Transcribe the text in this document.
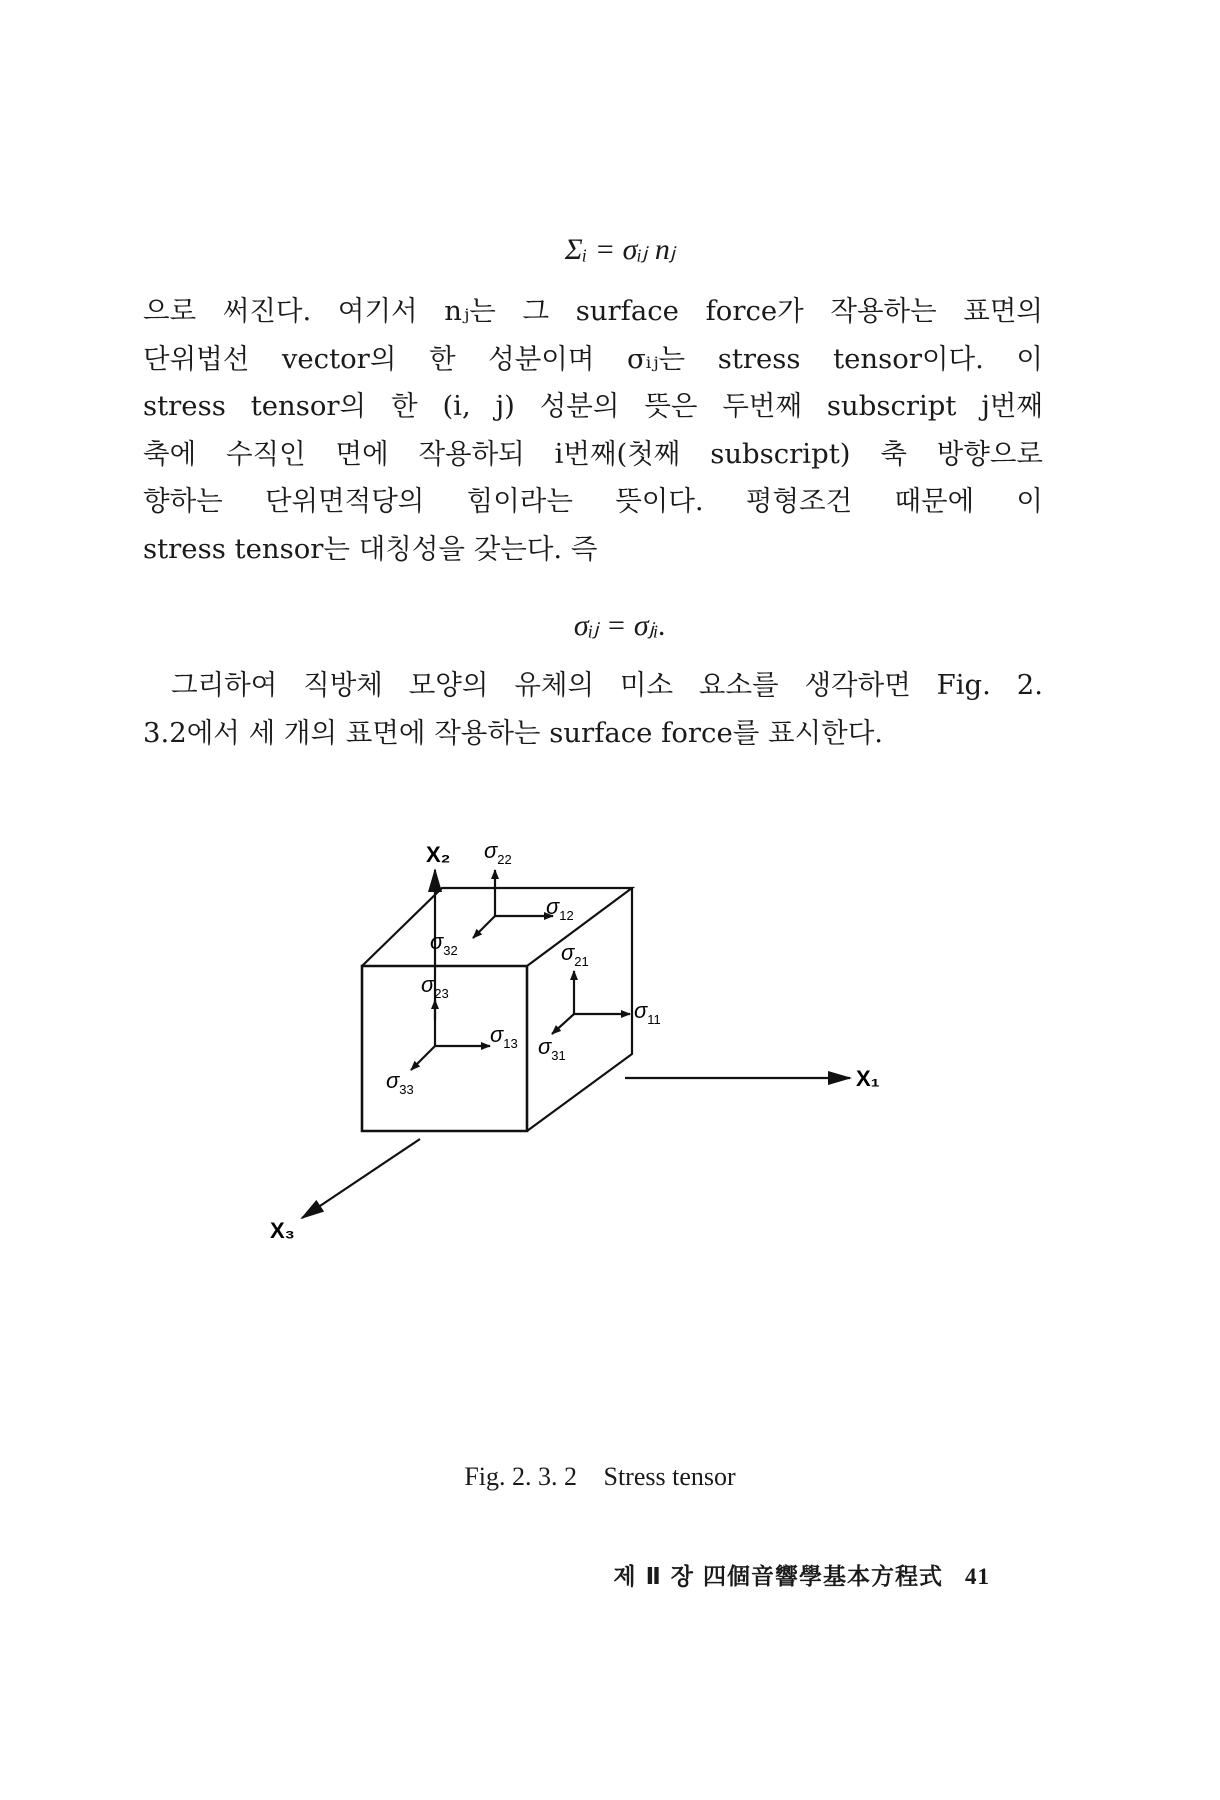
Σᵢ = σᵢⱼ nⱼ
으로 써진다. 여기서 nⱼ는 그 surface force가 작용하는 표면의
단위법선 vector의 한 성분이며 σᵢⱼ는 stress tensor이다. 이
stress tensor의 한 (i, j) 성분의 뜻은 두번째 subscript j번째
축에 수직인 면에 작용하되 i번째(첫째 subscript) 축 방향으로
향하는 단위면적당의 힘이라는 뜻이다. 평형조건 때문에 이
stress tensor는 대칭성을 갖는다. 즉
σᵢⱼ = σⱼᵢ.
그리하여 직방체 모양의 유체의 미소 요소를 생각하면 Fig. 2.
3.2에서 세 개의 표면에 작용하는 surface force를 표시한다.
X₂
X₁
X₃
$\sigma_{22}$
$\sigma_{12}$
$\sigma_{32}$	$\sigma_{21}$
$\sigma_{11}$
$\sigma_{31}$
$\sigma_{23}$
$\sigma_{13}$
$\sigma_{33}$
Fig. 2. 3. 2 Stress tensor
제 Ⅱ 장 四個音響學基本方程式 41
